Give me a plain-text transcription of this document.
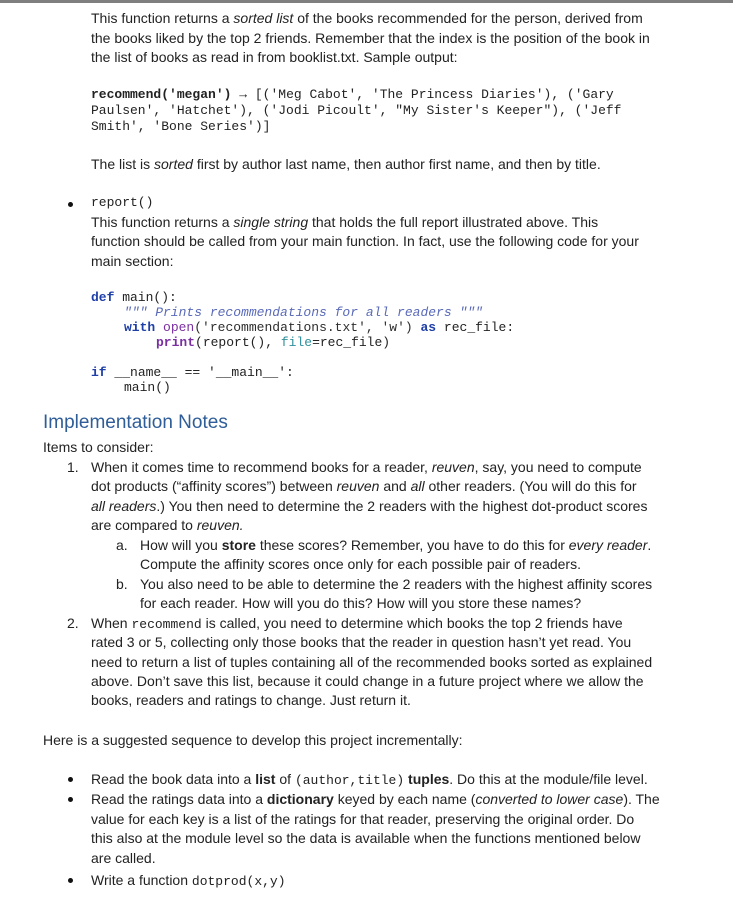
This function returns a sorted list of the books recommended for the person, derived from
the books liked by the top 2 friends. Remember that the index is the position of the book in
the list of books as read in from booklist.txt. Sample output:
recommend('megan') → [('Meg Cabot', 'The Princess Diaries'), ('Gary
Paulsen', 'Hatchet'), ('Jodi Picoult', "My Sister's Keeper"), ('Jeff
Smith', 'Bone Series')]
The list is sorted first by author last name, then author first name, and then by title.
report()
This function returns a single string that holds the full report illustrated above. This
function should be called from your main function. In fact, use the following code for your
main section:
def main():
""" Prints recommendations for all readers """
with open('recommendations.txt', 'w') as rec_file:
print(report(), file=rec_file)
if __name__ == '__main__':
main()
Implementation Notes
Items to consider:
1. When it comes time to recommend books for a reader, reuven, say, you need to compute
dot products (“affinity scores”) between reuven and all other readers. (You will do this for
all readers.) You then need to determine the 2 readers with the highest dot-product scores
are compared to reuven.
a. How will you store these scores? Remember, you have to do this for every reader.
Compute the affinity scores once only for each possible pair of readers.
b. You also need to be able to determine the 2 readers with the highest affinity scores
for each reader. How will you do this? How will you store these names?
2. When recommend is called, you need to determine which books the top 2 friends have
rated 3 or 5, collecting only those books that the reader in question hasn’t yet read. You
need to return a list of tuples containing all of the recommended books sorted as explained
above. Don’t save this list, because it could change in a future project where we allow the
books, readers and ratings to change. Just return it.
Here is a suggested sequence to develop this project incrementally:
Read the book data into a list of (author,title) tuples. Do this at the module/file level.
Read the ratings data into a dictionary keyed by each name (converted to lower case). The
value for each key is a list of the ratings for that reader, preserving the original order. Do
this also at the module level so the data is available when the functions mentioned below
are called.
Write a function dotprod(x,y)
